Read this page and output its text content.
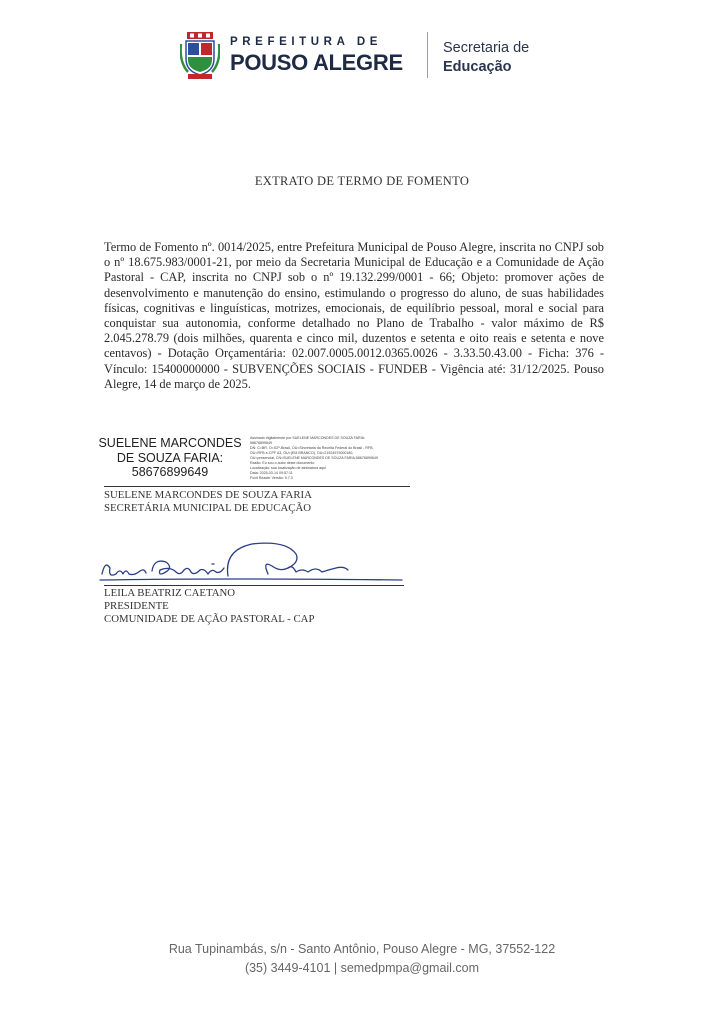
PREFEITURA DE
POUSO ALEGRE
Secretaria de
Educação
EXTRATO DE TERMO DE FOMENTO
Termo de Fomento nº. 0014/2025, entre Prefeitura Municipal de Pouso Alegre, inscrita no CNPJ sob o nº 18.675.983/0001-21, por meio da Secretaria Municipal de Educação e a Comunidade de Ação Pastoral - CAP, inscrita no CNPJ sob o nº 19.132.299/0001 - 66; Objeto: promover ações de desenvolvimento e manutenção do ensino, estimulando o progresso do aluno, de suas habilidades físicas, cognitivas e linguísticas, motrizes, emocionais, de equilíbrio pessoal, moral e social para conquistar sua autonomia, conforme detalhado no Plano de Trabalho - valor máximo de R$ 2.045.278.79 (dois milhões, quarenta e cinco mil, duzentos e setenta e oito reais e setenta e nove centavos) - Dotação Orçamentária: 02.007.0005.0012.0365.0026 - 3.33.50.43.00 - Ficha: 376 - Vínculo: 15400000000 - SUBVENÇÕES SOCIAIS - FUNDEB - Vigência até: 31/12/2025. Pouso Alegre, 14 de março de 2025.
SUELENE MARCONDES
DE SOUZA FARIA:
58676899649
Assinado digitalmente por SUELENE MARCONDES DE SOUZA FARIA:
58676899649
DN: C=BR, O=ICP-Brasil, OU=Secretaria da Receita Federal do Brasil - RFB,
OU=RFB e-CPF A3, OU=(EM BRANCO), OU=21924979000180,
OU=presencial, CN=SUELENE MARCONDES DE SOUZA FARIA:58676899649
Razão: Eu sou o autor deste documento
Localização: sua localização de assinatura aqui
Data: 2025-03-14 09:57:11
Foxit Reader Versão: 9.7.0
SUELENE MARCONDES DE SOUZA FARIA
SECRETÁRIA MUNICIPAL DE EDUCAÇÃO
LEILA BEATRIZ CAETANO
PRESIDENTE
COMUNIDADE DE AÇÃO PASTORAL - CAP
Rua Tupinambás, s/n - Santo Antônio, Pouso Alegre - MG, 37552-122
(35) 3449-4101 | semedpmpa@gmail.com
